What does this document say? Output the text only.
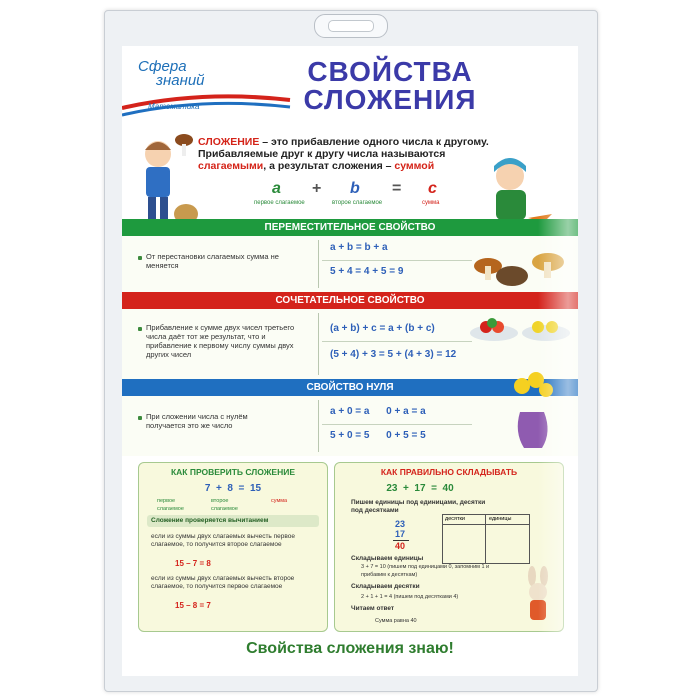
Сфера
знаний
Математика
СВОЙСТВА
СЛОЖЕНИЯ
СЛОЖЕНИЕ – это прибавление одного числа к другому.
Прибавляемые друг к другу числа называются
слагаемыми, а результат сложения – суммой
a + b = c
первое слагаемое	второе слагаемое	сумма
ПЕРЕМЕСТИТЕЛЬНОЕ СВОЙСТВО
От перестановки слагаемых сумма не меняется
a + b = b + a
5 + 4 = 4 + 5 = 9
СОЧЕТАТЕЛЬНОЕ СВОЙСТВО
Прибавление к сумме двух чисел третьего числа даёт тот же результат, что и прибавление к первому числу суммы двух других чисел
(a + b) + c = a + (b + c)
(5 + 4) + 3 = 5 + (4 + 3) = 12
СВОЙСТВО НУЛЯ
При сложении числа с нулём получается это же число
a + 0 = a      0 + a = a
5 + 0 = 5      0 + 5 = 5
КАК ПРОВЕРИТЬ СЛОЖЕНИЕ
7  +  8  =  15
первое слагаемое
второе слагаемое
сумма
Сложение проверяется вычитанием
если из суммы двух слагаемых вычесть первое слагаемое, то получится второе слагаемое
15 – 7 = 8
если из суммы двух слагаемых вычесть второе слагаемое, то получится первое слагаемое
15 – 8 = 7
КАК ПРАВИЛЬНО СКЛАДЫВАТЬ
23  +  17  =  40
Пишем единицы под единицами, десятки под десятками
23
17
40
Складываем единицы
3 + 7 = 10 (пишем под единицами 0, запомним 1 и прибавим к десяткам)
Складываем десятки
2 + 1 + 1 = 4 (пишем под десятками 4)
Читаем ответ
Сумма равна 40
десятки	единицы
Свойства сложения знаю!
